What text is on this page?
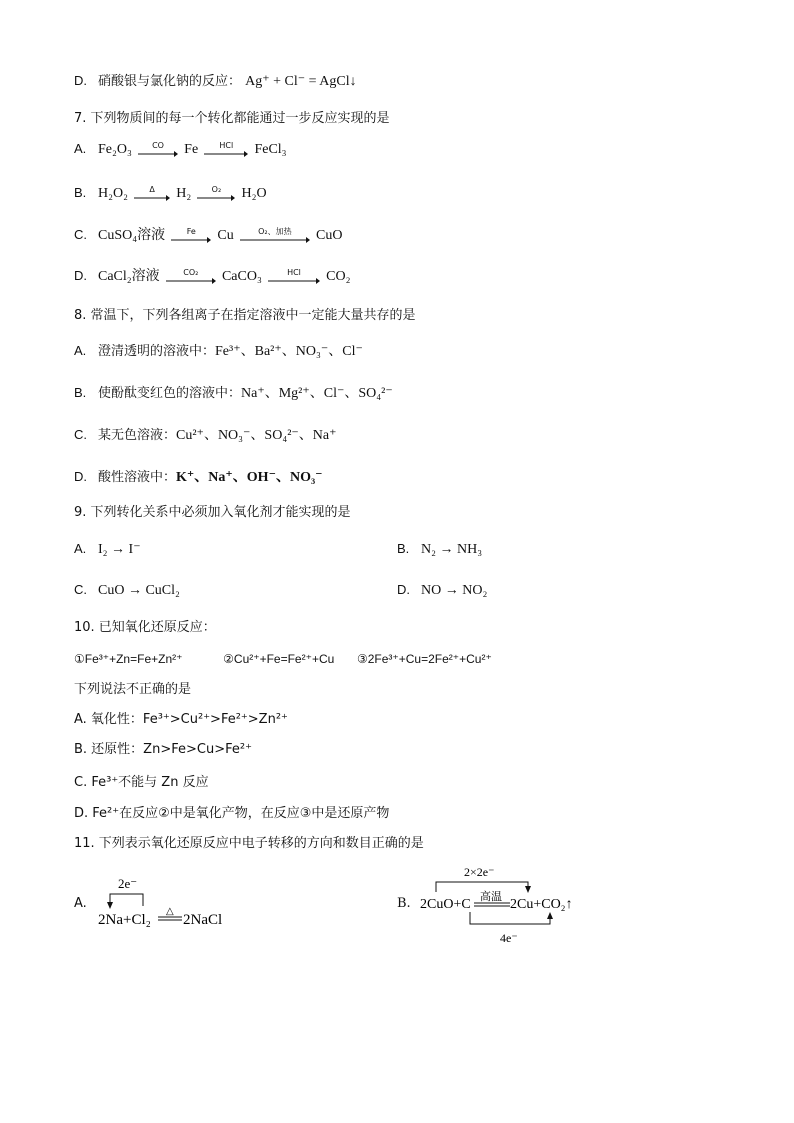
D. 硝酸银与氯化钠的反应： Ag⁺ + Cl⁻ = AgCl↓
7. 下列物质间的每一个转化都能通过一步反应实现的是
A. Fe₂O₃	CO	Fe	HCl	FeCl₃
B. H₂O₂	Δ	H₂	O₂	H₂O
C. CuSO₄溶液	Fe	Cu	O₂、加热	CuO
D. CaCl₂溶液	CO₂	CaCO₃	HCl	CO₂
8. 常温下，下列各组离子在指定溶液中一定能大量共存的是
A. 澄清透明的溶液中：Fe³⁺、Ba²⁺、NO₃⁻、Cl⁻
B. 使酚酞变红色的溶液中：Na⁺、Mg²⁺、Cl⁻、SO₄²⁻
C. 某无色溶液：Cu²⁺、NO₃⁻、SO₄²⁻、Na⁺
D. 酸性溶液中：K⁺、Na⁺、OH⁻、NO₃⁻
9. 下列转化关系中必须加入氧化剂才能实现的是
A. I₂ → I⁻	B. N₂ → NH₃
C. CuO → CuCl₂	D. NO → NO₂
10. 已知氧化还原反应：
①Fe³⁺+Zn=Fe+Zn²⁺	②Cu²⁺+Fe=Fe²⁺+Cu ③2Fe³⁺+Cu=2Fe²⁺+Cu²⁺
下列说法不正确的是
A. 氧化性：Fe³⁺>Cu²⁺>Fe²⁺>Zn²⁺
B. 还原性：Zn>Fe>Cu>Fe²⁺
C. Fe³⁺不能与 Zn 反应
D. Fe²⁺在反应②中是氧化产物，在反应③中是还原产物
11. 下列表示氧化还原反应中电子转移的方向和数目正确的是
A.
2e⁻
2Na+Cl₂
△
2NaCl
B.
2×2e⁻
2CuO+C
高温
2Cu+CO₂↑
4e⁻
